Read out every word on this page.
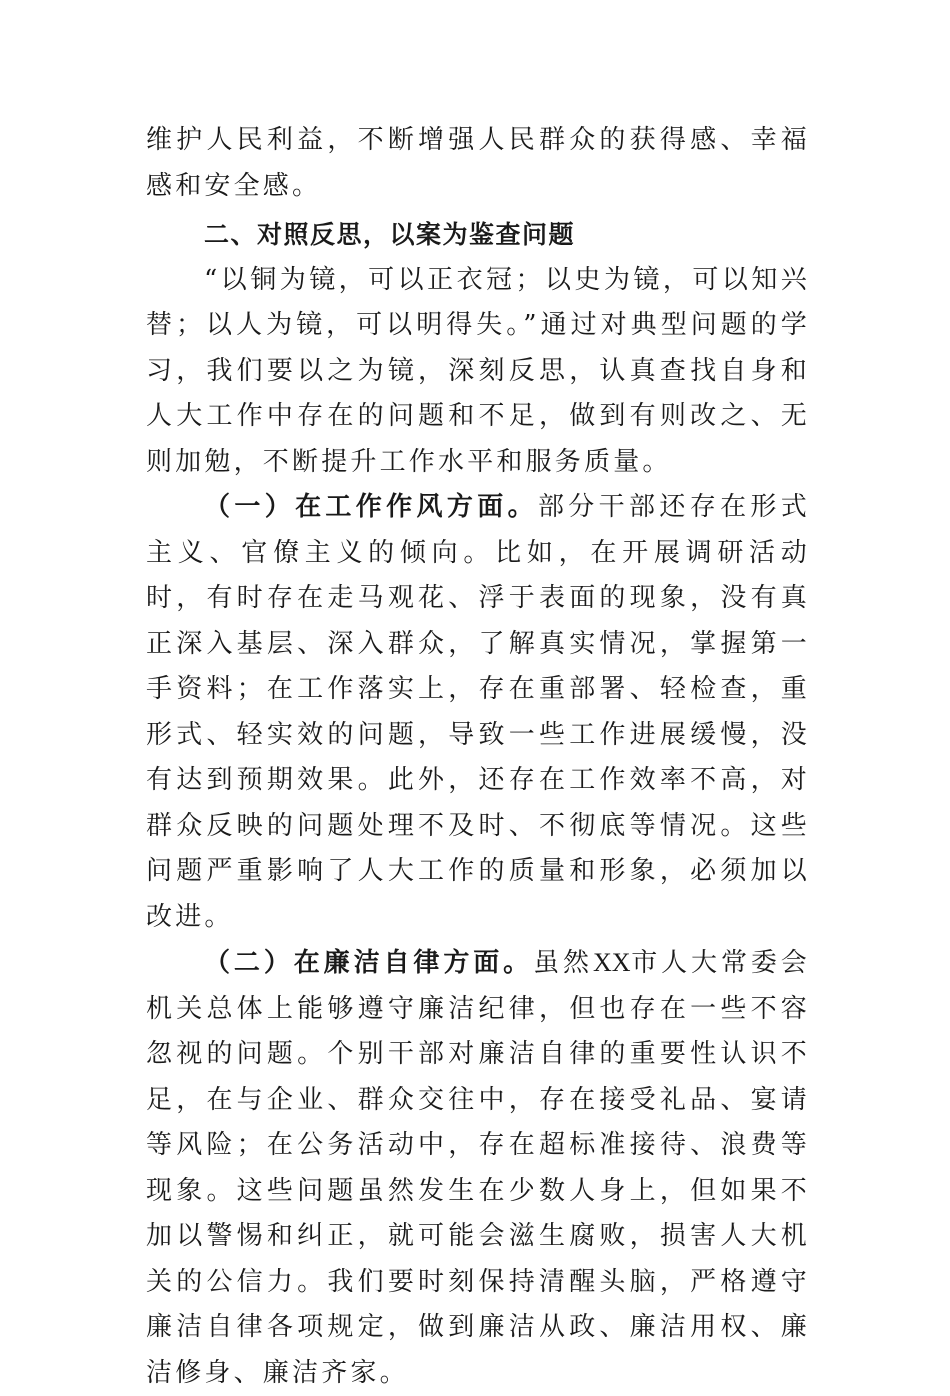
维护人民利益，不断增强人民群众的获得感、幸福感和安全感。

二、对照反思，以案为鉴查问题

“以铜为镜，可以正衣冠；以史为镜，可以知兴替；以人为镜，可以明得失。”通过对典型问题的学习，我们要以之为镜，深刻反思，认真查找自身和人大工作中存在的问题和不足，做到有则改之、无则加勉，不断提升工作水平和服务质量。

（一）在工作作风方面。部分干部还存在形式主义、官僚主义的倾向。比如，在开展调研活动时，有时存在走马观花、浮于表面的现象，没有真正深入基层、深入群众，了解真实情况，掌握第一手资料；在工作落实上，存在重部署、轻检查，重形式、轻实效的问题，导致一些工作进展缓慢，没有达到预期效果。此外，还存在工作效率不高，对群众反映的问题处理不及时、不彻底等情况。这些问题严重影响了人大工作的质量和形象，必须加以改进。

（二）在廉洁自律方面。虽然XX市人大常委会机关总体上能够遵守廉洁纪律，但也存在一些不容忽视的问题。个别干部对廉洁自律的重要性认识不足，在与企业、群众交往中，存在接受礼品、宴请等风险；在公务活动中，存在超标准接待、浪费等现象。这些问题虽然发生在少数人身上，但如果不加以警惕和纠正，就可能会滋生腐败，损害人大机关的公信力。我们要时刻保持清醒头脑，严格遵守廉洁自律各项规定，做到廉洁从政、廉洁用权、廉洁修身、廉洁齐家。
